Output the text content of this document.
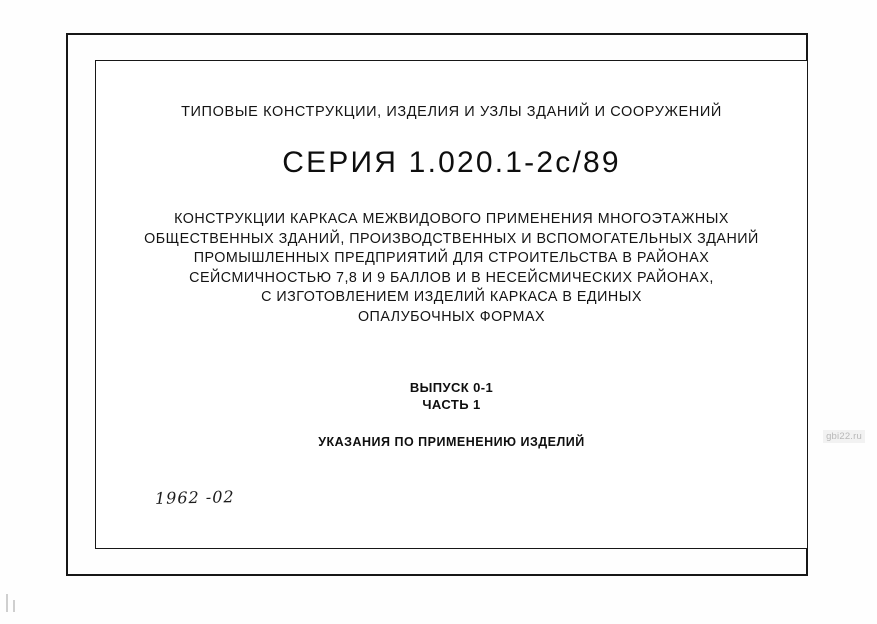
ТИПОВЫЕ КОНСТРУКЦИИ, ИЗДЕЛИЯ И УЗЛЫ ЗДАНИЙ И СООРУЖЕНИЙ
СЕРИЯ 1.020.1-2с/89
КОНСТРУКЦИИ КАРКАСА МЕЖВИДОВОГО ПРИМЕНЕНИЯ МНОГОЭТАЖНЫХ
ОБЩЕСТВЕННЫХ ЗДАНИЙ, ПРОИЗВОДСТВЕННЫХ И ВСПОМОГАТЕЛЬНЫХ ЗДАНИЙ
ПРОМЫШЛЕННЫХ ПРЕДПРИЯТИЙ ДЛЯ СТРОИТЕЛЬСТВА В РАЙОНАХ
СЕЙСМИЧНОСТЬЮ 7,8 И 9 БАЛЛОВ И В НЕСЕЙСМИЧЕСКИХ РАЙОНАХ,
С ИЗГОТОВЛЕНИЕМ ИЗДЕЛИЙ КАРКАСА В ЕДИНЫХ
ОПАЛУБОЧНЫХ ФОРМАХ
ВЫПУСК 0-1
ЧАСТЬ 1
УКАЗАНИЯ ПО ПРИМЕНЕНИЮ ИЗДЕЛИЙ
1962 -02
gbi22.ru
